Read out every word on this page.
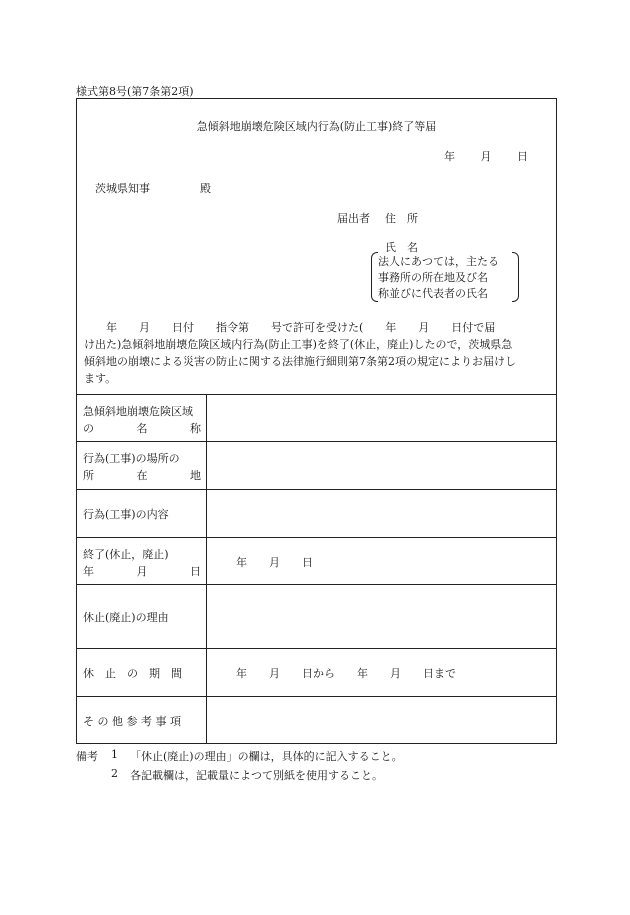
様式第8号(第7条第2項)
急傾斜地崩壊危険区域内行為(防止工事)終了等届
年 月 日
茨城県知事	殿
届出者 住　所
氏　名
法人にあつては，主たる
事務所の所在地及び名
称並びに代表者の氏名
　　年　　月　　日付　　指令第　　号で許可を受けた(　　年　　月　　日付で届
け出た)急傾斜地崩壊危険区域内行為(防止工事)を終了(休止，廃止)したので，茨城県急
傾斜地の崩壊による災害の防止に関する法律施行細則第7条第2項の規定によりお届けし
ます。
急傾斜地崩壊危険区域
の	名	称
行為(工事)の場所の
所	在	地
行為(工事)の内容
終了(休止，廃止)
年	月	日
年　　月　　日
休止(廃止)の理由
休　止　の　期　間	年　　月　　日から　　年　　月　　日まで
そ の 他 参 考 事 項
備考 1 「休止(廃止)の理由」の欄は，具体的に記入すること。
2 各記載欄は，記載量によつて別紙を使用すること。
